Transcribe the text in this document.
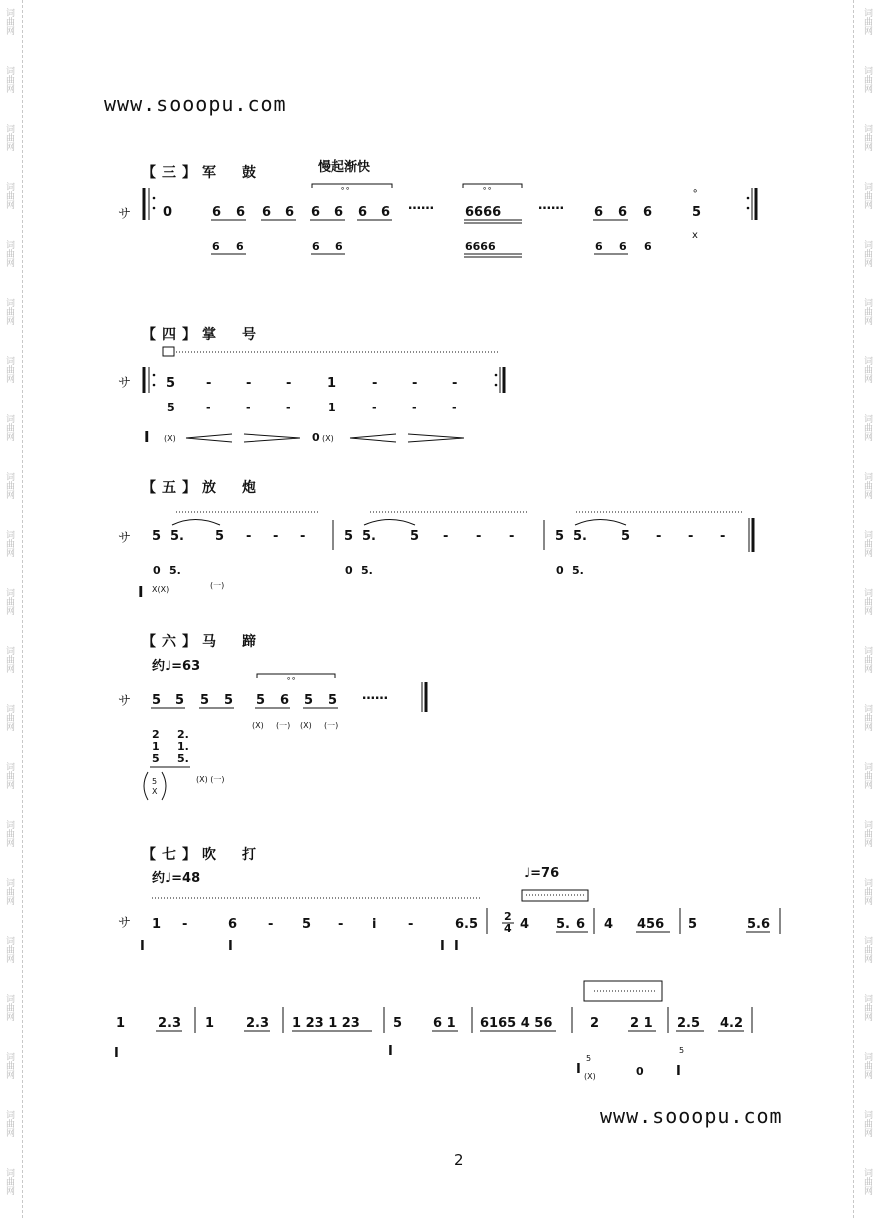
词曲网
词曲网
词曲网
词曲网
词曲网
词曲网
词曲网
词曲网
词曲网
词曲网
词曲网
词曲网
词曲网
词曲网
词曲网
词曲网
词曲网
词曲网
词曲网
词曲网
词曲网
词曲网
词曲网
词曲网
词曲网
词曲网
词曲网
词曲网
词曲网
词曲网
词曲网
词曲网
词曲网
词曲网
词曲网
词曲网
词曲网
词曲网
词曲网
词曲网
词曲网
词曲网
www.sooopu.com
【三】军　鼓	慢起渐快
サ
……	……
0	6 6 6 6
∘∘
6 6 6 6
∘∘
6666	6 6 6	5
∘
x
6 6	6 6	6666	6 6 6
【四】掌　号
サ
I
5 -	-	-	1	-	-	-
5	-	-	-	1	-	-	-
(X)	0 (X)
【五】放　炮
サ
I
5 5. 5 - - -	5 5.	5 - - -	5 5.	5 - - -
0 5.	0 5.	0 5.
X(X)	(一)
【六】马　蹄
约♩=63
サ	……
∘∘
5 5 5 5 5 6 5 5
(X) (一) (X) (一)
2 2.
1 1.
5 5.
5
X
(X) (一)
【七】吹　打
约♩=48	♩=76
サ 1 -	6 - 5 - i -	6.5
2
4 4 5. 6 4 456 5	5.6
I	I	I I
1	2.3 1 2.3 1 23 1 23	5 6 1 6165 4 56	2 2 1 2.5 4.2
I	I
I
5
(X)	0 I
5
www.sooopu.com
2
